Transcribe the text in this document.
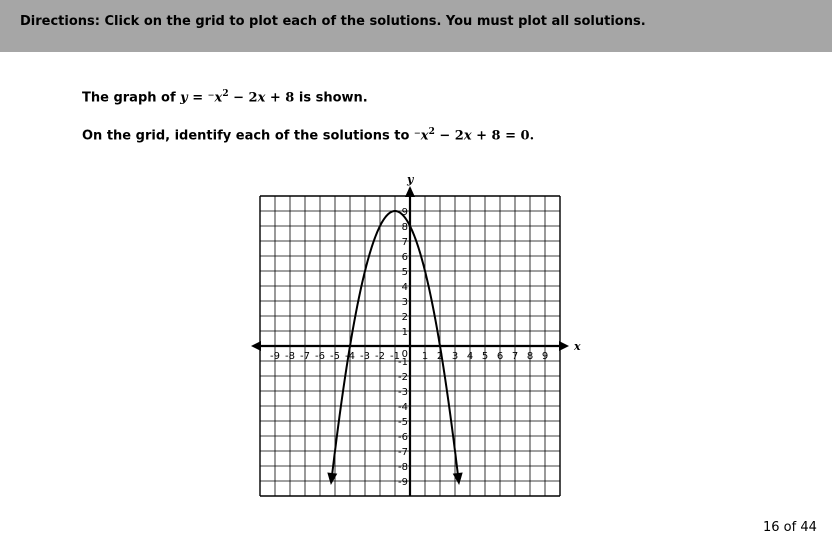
Directions: Click on the grid to plot each of the solutions. You must plot all solutions.
The graph of $y = ^-x^2 - 2x + 8$ is shown.
On the grid, identify each of the solutions to $^-x^2 - 2x + 8 = 0$.
x
y
-9 -8 -7 -6 -5 -4 -3 -2 -1 1 2 3 4 5 6 7 8 9
9
8
7
6
5
4
3
2
1
-1
-2
-3
-4
-5
-6
-7
-8
-9
0
16 of 44
